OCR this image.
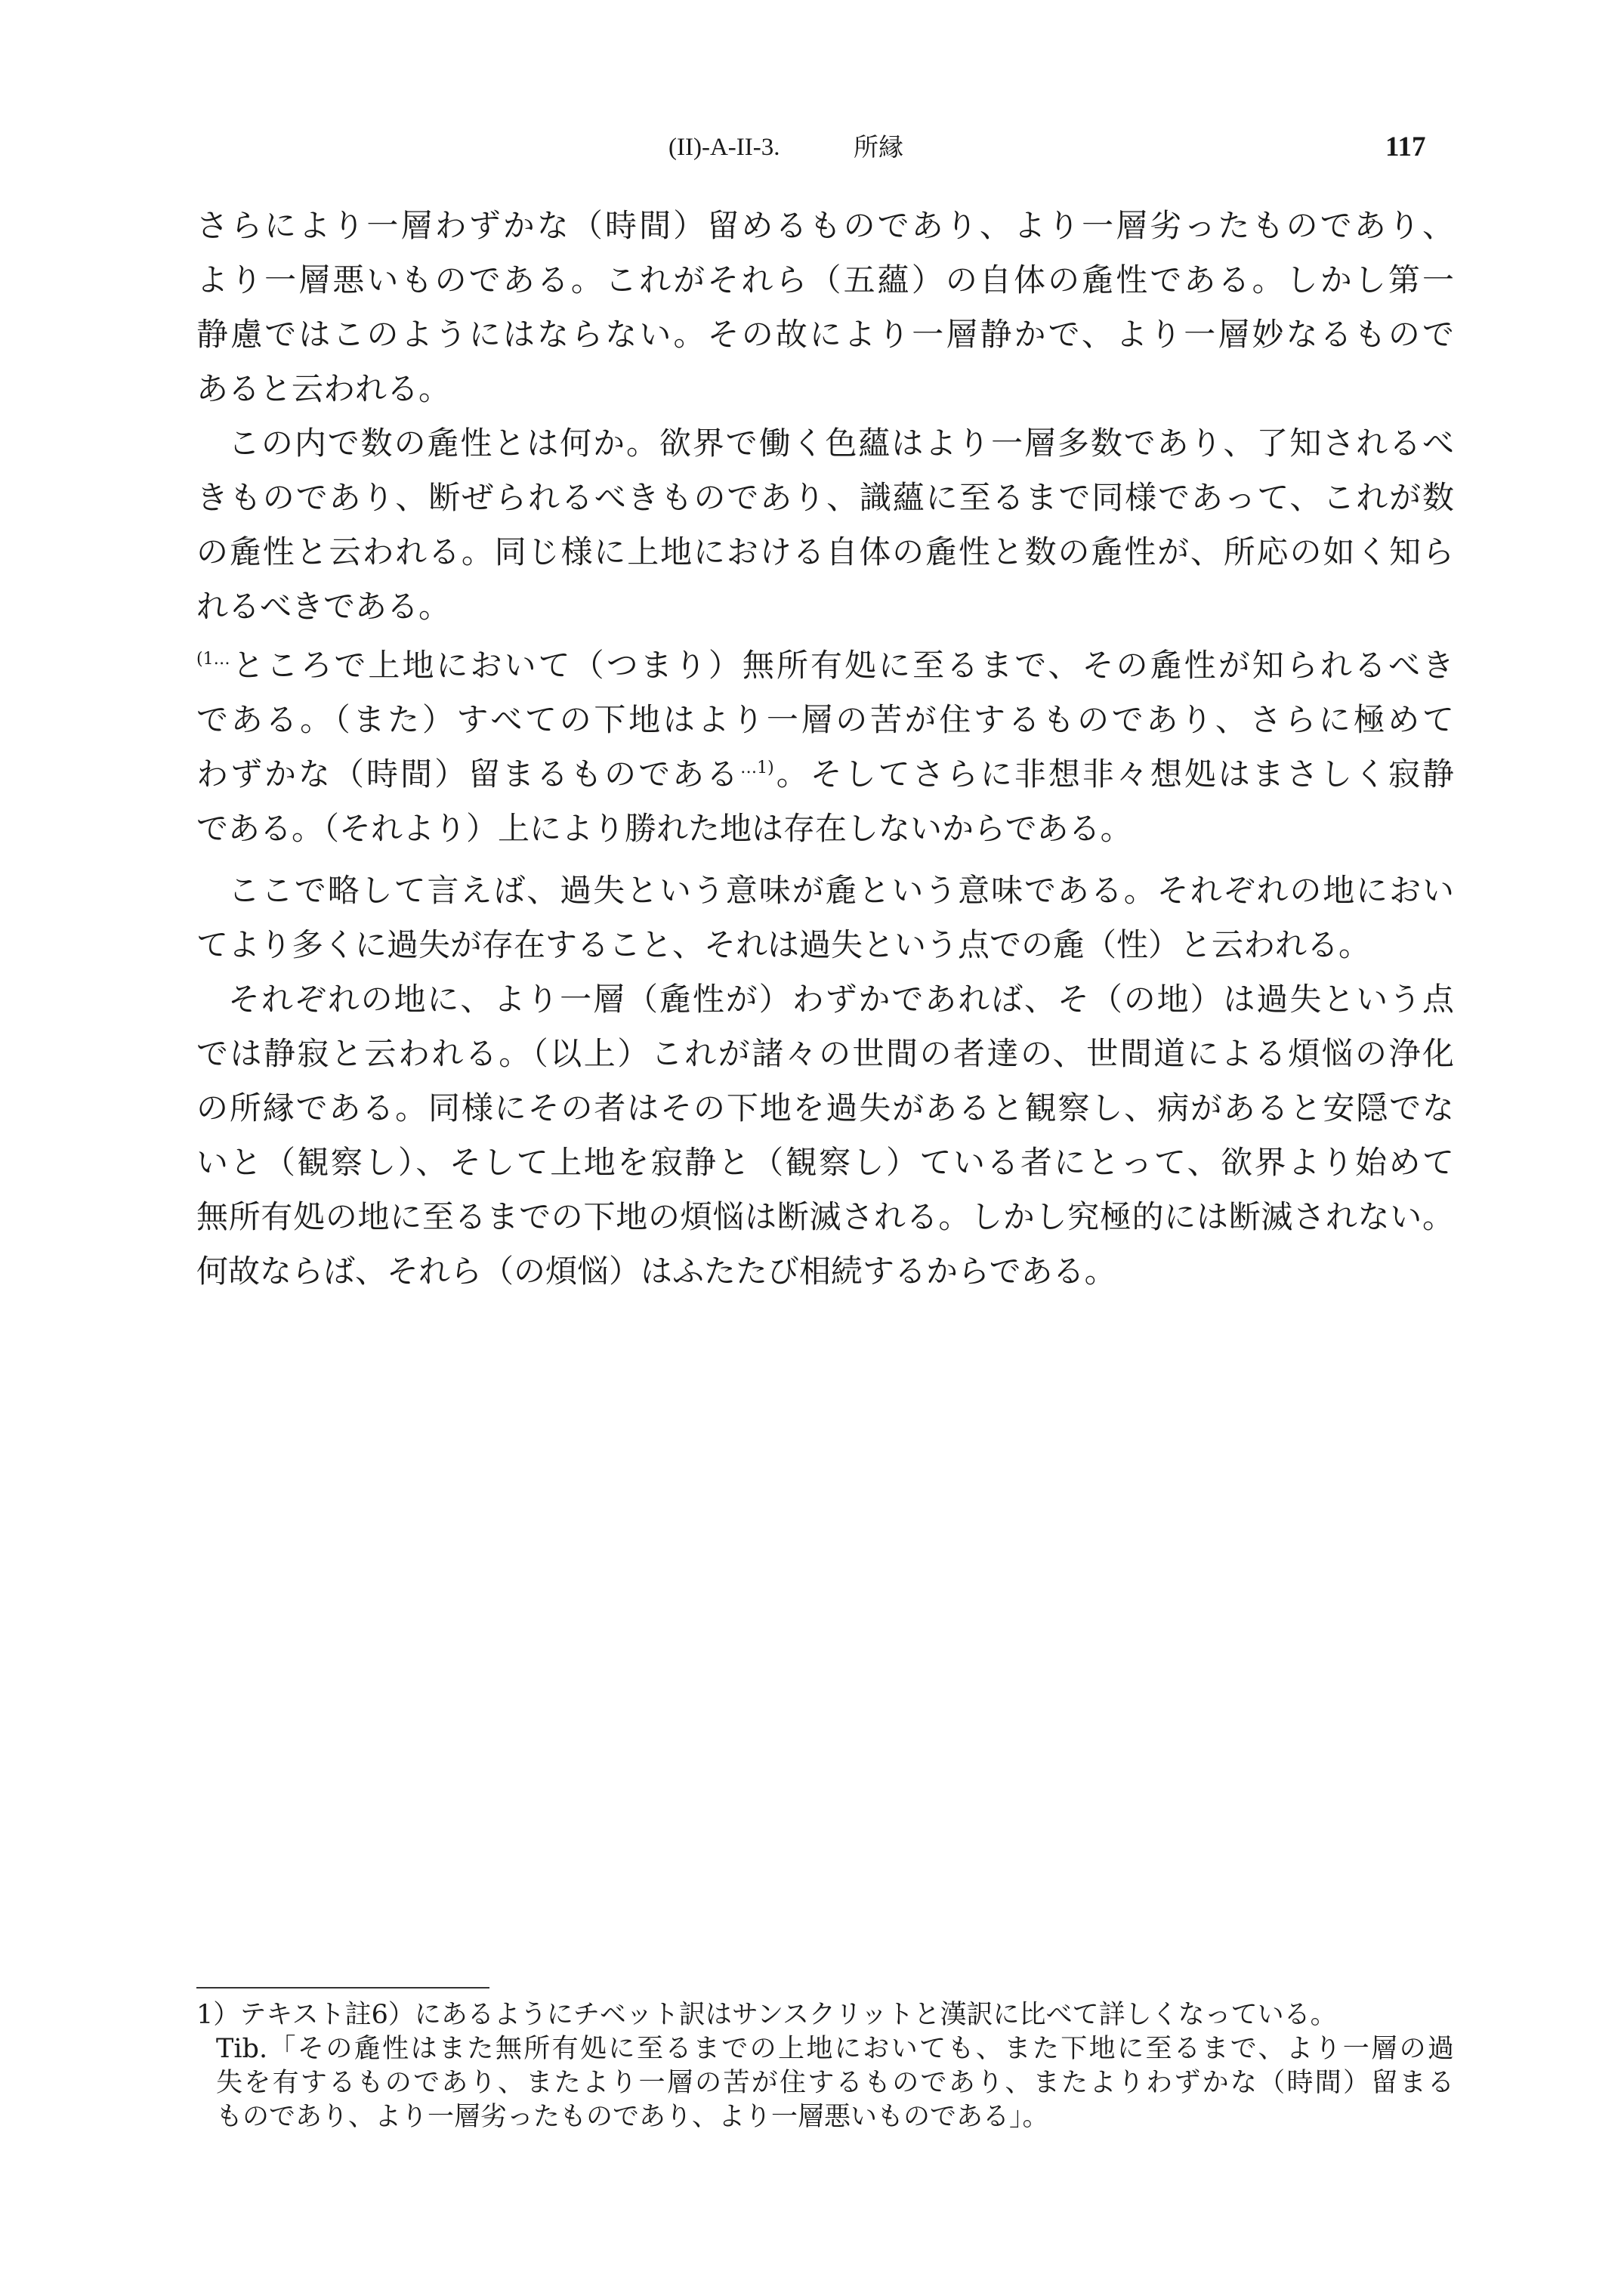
(II)-A-II-3.	所縁	117
さらにより一層わずかな（時間）留めるものであり、より一層劣ったものであり、
より一層悪いものである。これがそれら（五蘊）の自体の麁性である。しかし第一
静慮ではこのようにはならない。その故により一層静かで、より一層妙なるもので
あると云われる。
この内で数の麁性とは何か。欲界で働く色蘊はより一層多数であり、了知されるべ
きものであり、断ぜられるべきものであり、識蘊に至るまで同様であって、これが数
の麁性と云われる。同じ様に上地における自体の麁性と数の麁性が、所応の如く知ら
れるべきである。
$^{(1\dots}$ところで上地において（つまり）無所有処に至るまで、その麁性が知られるべき
である。（また）すべての下地はより一層の苦が住するものであり、さらに極めて
わずかな（時間）留まるものである$^{\dots 1)}$。そしてさらに非想非々想処はまさしく寂静
である。（それより）上により勝れた地は存在しないからである。
ここで略して言えば、過失という意味が麁という意味である。それぞれの地におい
てより多くに過失が存在すること、それは過失という点での麁（性）と云われる。
それぞれの地に、より一層（麁性が）わずかであれば、そ（の地）は過失という点
では静寂と云われる。（以上）これが諸々の世間の者達の、世間道による煩悩の浄化
の所縁である。同様にその者はその下地を過失があると観察し、病があると安隠でな
いと（観察し）、そして上地を寂静と（観察し）ている者にとって、欲界より始めて
無所有処の地に至るまでの下地の煩悩は断滅される。しかし究極的には断滅されない。
何故ならば、それら（の煩悩）はふたたび相続するからである。
1）テキスト註6）にあるようにチベット訳はサンスクリットと漢訳に比べて詳しくなっている。
Tib.「その麁性はまた無所有処に至るまでの上地においても、また下地に至るまで、より一層の過
失を有するものであり、またより一層の苦が住するものであり、またよりわずかな（時間）留まる
ものであり、より一層劣ったものであり、より一層悪いものである」。
